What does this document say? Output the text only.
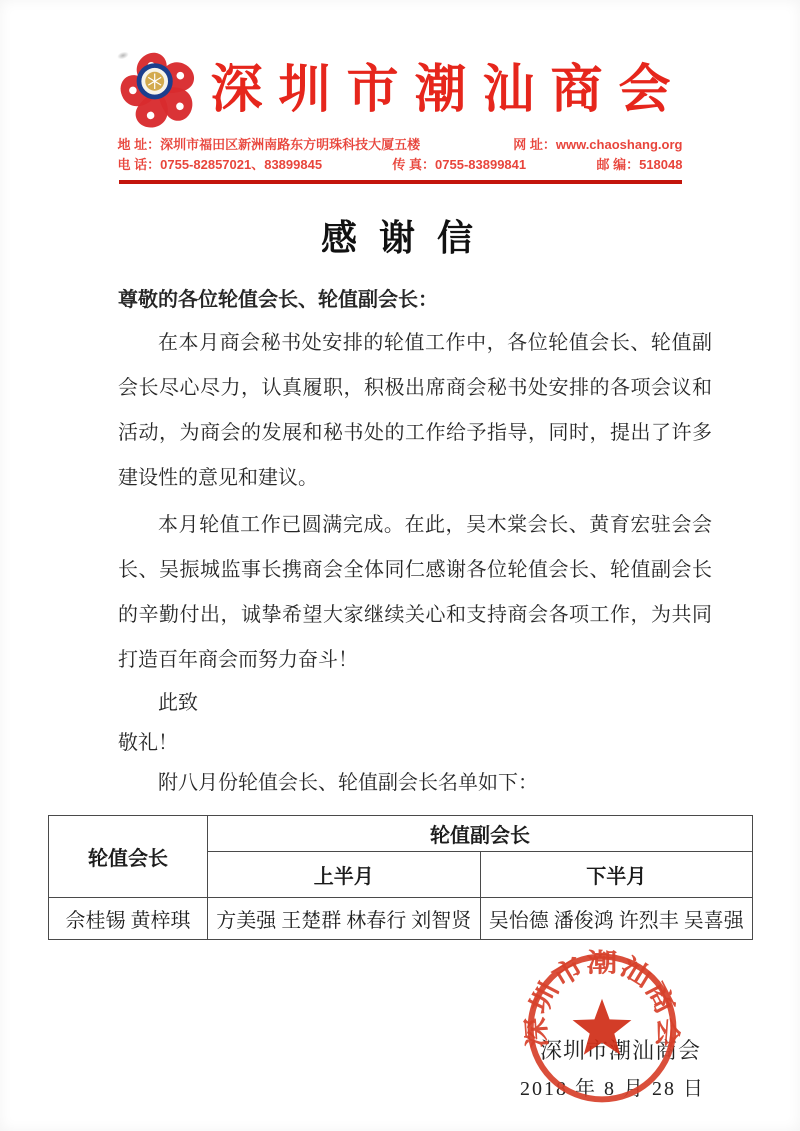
深圳市潮汕商会
地 址：深圳市福田区新洲南路东方明珠科技大厦五楼	网 址：www.chaoshang.org
电 话：0755-82857021、83899845	传 真：0755-83899841	邮 编：518048
感 谢 信

尊敬的各位轮值会长、轮值副会长：

在本月商会秘书处安排的轮值工作中，各位轮值会长、轮值副会长尽心尽力，认真履职，积极出席商会秘书处安排的各项会议和活动，为商会的发展和秘书处的工作给予指导，同时，提出了许多建设性的意见和建议。

本月轮值工作已圆满完成。在此，吴木棠会长、黄育宏驻会会长、吴振城监事长携商会全体同仁感谢各位轮值会长、轮值副会长的辛勤付出，诚挚希望大家继续关心和支持商会各项工作，为共同打造百年商会而努力奋斗！

此致

敬礼！

附八月份轮值会长、轮值副会长名单如下：

轮值会长	轮值副会长	
	上半月	下半月
佘桂锡 黄梓琪	方美强 王楚群 林春行 刘智贤	吴怡德 潘俊鸿 许烈丰 吴喜强
深圳市潮汕商会
2018 年 8 月 28 日
深圳市潮汕商会
